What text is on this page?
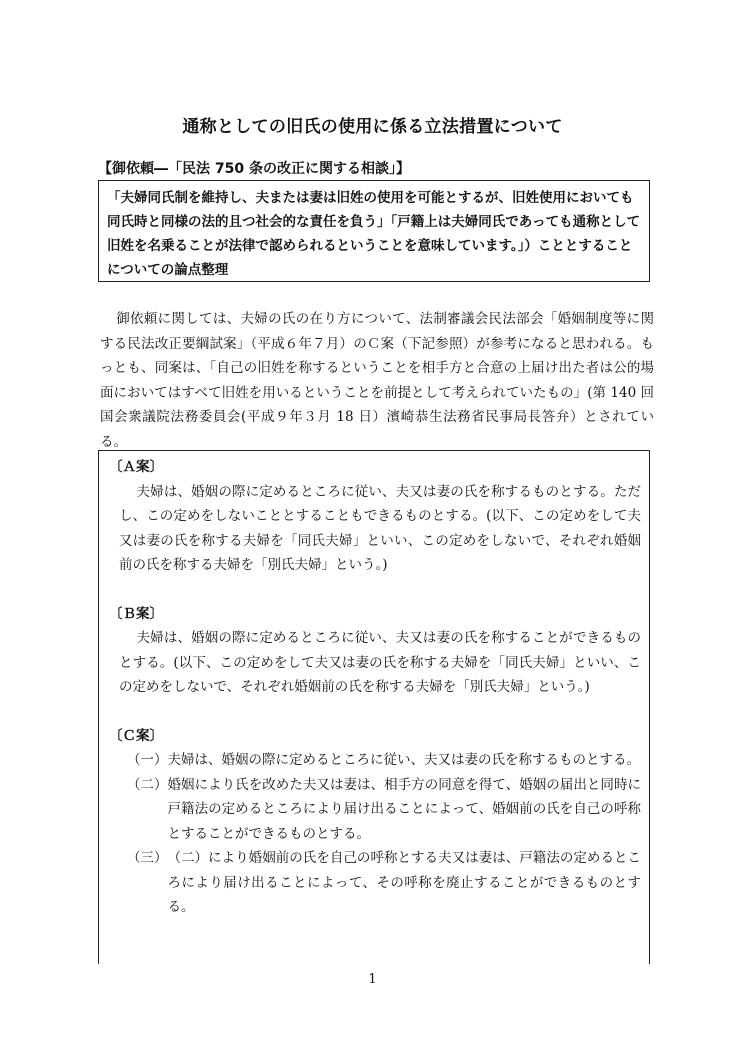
通称としての旧氏の使用に係る立法措置について
【御依頼―「民法 750 条の改正に関する相談」】
「夫婦同氏制を維持し、夫または妻は旧姓の使用を可能とするが、旧姓使用においても同氏時と同様の法的且つ社会的な責任を負う」「戸籍上は夫婦同氏であっても通称として旧姓を名乗ることが法律で認められるということを意味しています。」）こととすることについての論点整理

御依頼に関しては、夫婦の氏の在り方について、法制審議会民法部会「婚姻制度等に関する民法改正要綱試案」（平成６年７月）のＣ案（下記参照）が参考になると思われる。もっとも、同案は、「自己の旧姓を称するということを相手方と合意の上届け出た者は公的場面においてはすべて旧姓を用いるということを前提として考えられていたもの」(第 140 回国会衆議院法務委員会(平成９年３月 18 日）濱崎恭生法務省民事局長答弁）とされている。

〔Ａ案〕

夫婦は、婚姻の際に定めるところに従い、夫又は妻の氏を称するものとする。ただし、この定めをしないこととすることもできるものとする。(以下、この定めをして夫又は妻の氏を称する夫婦を「同氏夫婦」といい、この定めをしないで、それぞれ婚姻前の氏を称する夫婦を「別氏夫婦」という。)

〔Ｂ案〕

夫婦は、婚姻の際に定めるところに従い、夫又は妻の氏を称することができるものとする。(以下、この定めをして夫又は妻の氏を称する夫婦を「同氏夫婦」といい、この定めをしないで、それぞれ婚姻前の氏を称する夫婦を「別氏夫婦」という。)

〔Ｃ案〕

（一） 夫婦は、婚姻の際に定めるところに従い、夫又は妻の氏を称するものとする。
（二） 婚姻により氏を改めた夫又は妻は、相手方の同意を得て、婚姻の届出と同時に戸籍法の定めるところにより届け出ることによって、婚姻前の氏を自己の呼称とすることができるものとする。
（三） （二）により婚姻前の氏を自己の呼称とする夫又は妻は、戸籍法の定めるところにより届け出ることによって、その呼称を廃止することができるものとする。
1
